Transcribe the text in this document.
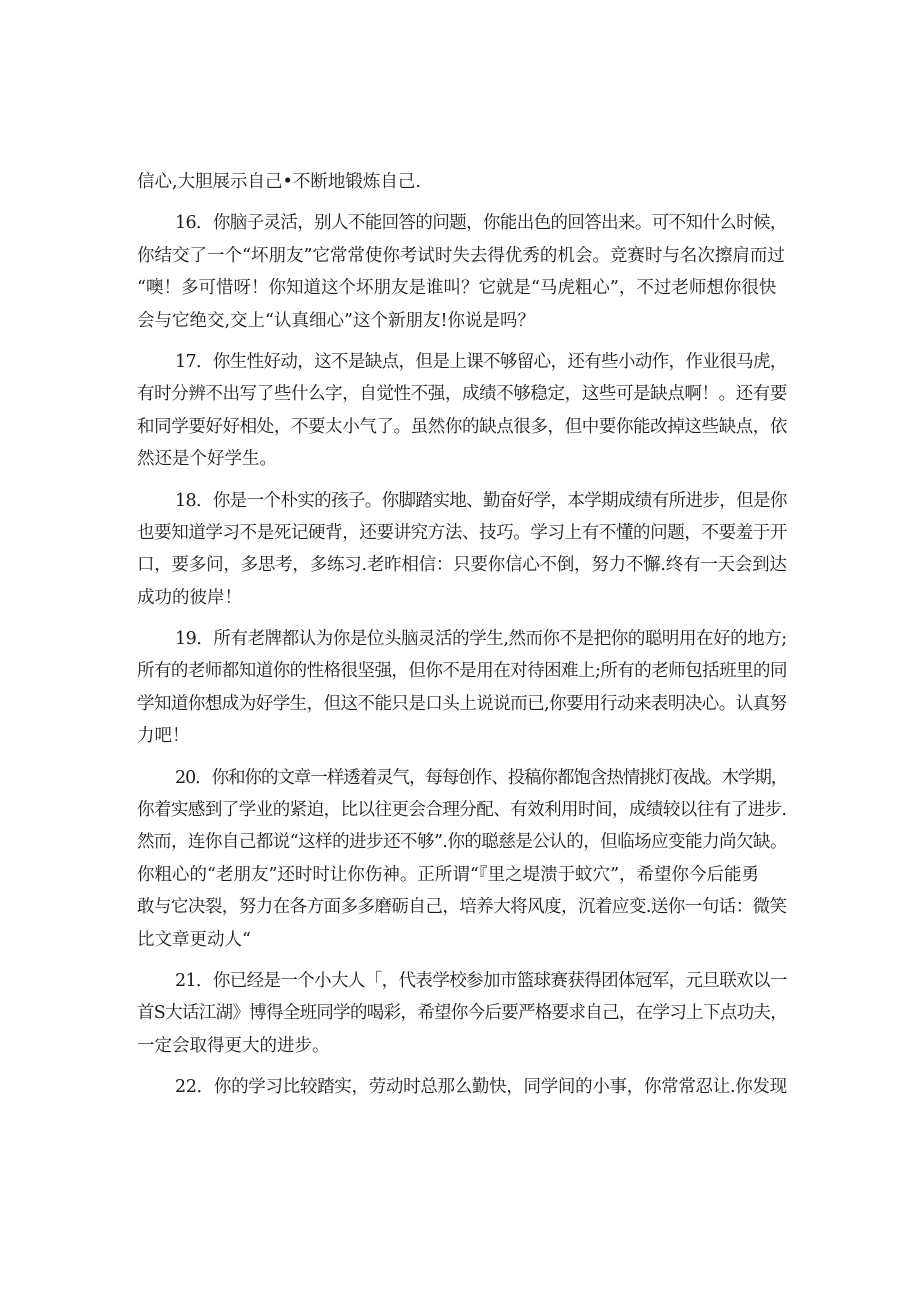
信心,大胆展示自己•不断地锻炼自己.
16．你脑子灵活，别人不能回答的问题，你能出色的回答出来。可不知什么时候，
你结交了一个“坏朋友”它常常使你考试时失去得优秀的机会。竞赛时与名次擦肩而过
“噢！多可惜呀！你知道这个坏朋友是谁叫？它就是“马虎粗心”，不过老师想你很快
会与它绝交,交上“认真细心”这个新朋友!你说是吗？
17．你生性好动，这不是缺点，但是上课不够留心，还有些小动作，作业很马虎，
有时分辨不出写了些什么字，自觉性不强，成绩不够稳定，这些可是缺点啊！。还有要
和同学要好好相处，不要太小气了。虽然你的缺点很多，但中要你能改掉这些缺点，依
然还是个好学生。
18．你是一个朴实的孩子。你脚踏实地、勤奋好学，本学期成绩有所进步，但是你
也要知道学习不是死记硬背，还要讲究方法、技巧。学习上有不懂的问题，不要羞于开
口，要多问，多思考，多练习.老昨相信：只要你信心不倒，努力不懈.终有一天会到达
成功的彼岸！
19．所有老牌都认为你是位头脑灵活的学生,然而你不是把你的聪明用在好的地方;
所有的老师都知道你的性格很坚强，但你不是用在对待困难上;所有的老师包括班里的同
学知道你想成为好学生，但这不能只是口头上说说而已,你要用行动来表明决心。认真努
力吧！
20．你和你的文章一样透着灵气，每每创作、投稿你都饱含热情挑灯夜战。木学期，
你着实感到了学业的紧迫，比以往更会合理分配、有效利用时间，成绩较以往有了进步.
然而，连你自己都说“这样的进步还不够”.你的聪慈是公认的，但临场应变能力尚欠缺。
你粗心的“老朋友”还时时让你伤神。正所谓“『里之堤溃于蚊穴”，希望你今后能勇
敢与它决裂，努力在各方面多多磨砺自己，培养大将风度，沉着应变.送你一句话：微笑
比文章更动人“
21．你已经是一个小大人「，代表学校参加市篮球赛获得团体冠军，元旦联欢以一
首S大话江湖》博得全班同学的喝彩，希望你今后要严格要求自己，在学习上下点功夫，
一定会取得更大的进步。
22．你的学习比较踏实，劳动时总那么勤快，同学间的小事，你常常忍让.你发现
